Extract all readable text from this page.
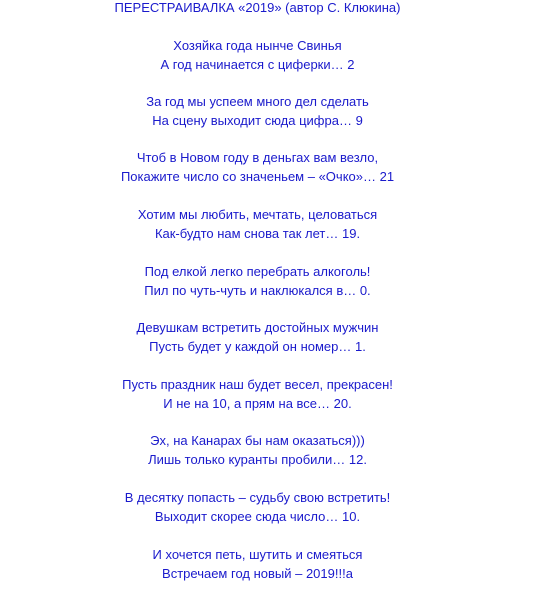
ПЕРЕСТРАИВАЛКА «2019» (автор С. Клюкина)
Хозяйка года нынче Свинья
А год начинается с циферки… 2
За год мы успеем много дел сделать
На сцену выходит сюда цифра… 9
Чтоб в Новом году в деньгах вам везло,
Покажите число со значеньем – «Очко»… 21
Хотим мы любить, мечтать, целоваться
Как-будто нам снова так лет… 19.
Под елкой легко перебрать алкоголь!
Пил по чуть-чуть и наклюкался в… 0.
Девушкам встретить достойных мужчин
Пусть будет у каждой он номер… 1.
Пусть праздник наш будет весел, прекрасен!
И не на 10, а прям на все… 20.
Эх, на Канарах бы нам оказаться)))
Лишь только куранты пробили… 12.
В десятку попасть – судьбу свою встретить!
Выходит скорее сюда число… 10.
И хочется петь, шутить и смеяться
Встречаем год новый – 2019!!!а
